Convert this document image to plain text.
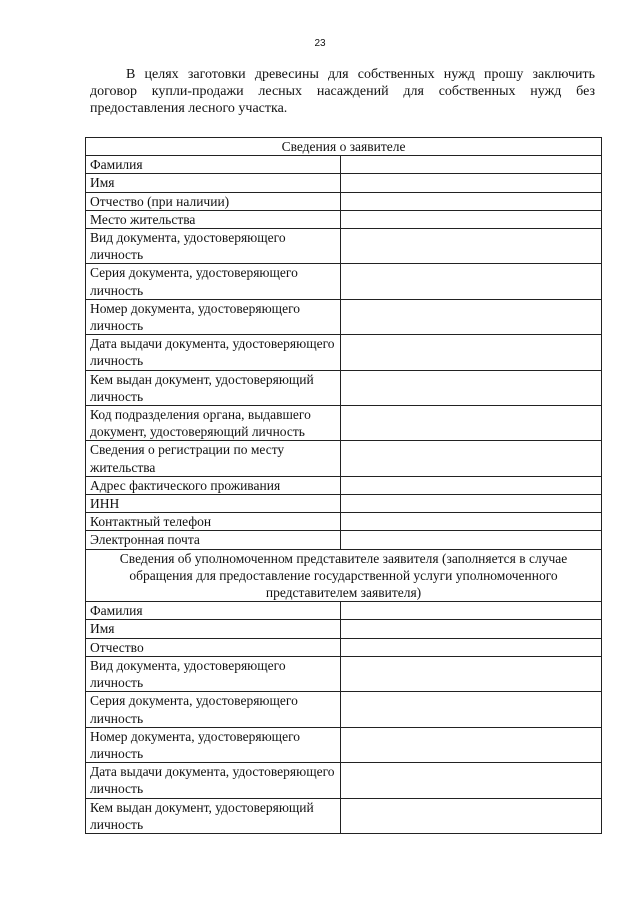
23

В целях заготовки древесины для собственных нужд прошу заключить договор купли-продажи лесных насаждений для собственных нужд без предоставления лесного участка.

Сведения о заявителе	
Фамилия	
Имя	
Отчество (при наличии)	
Место жительства	
Вид документа, удостоверяющего личность	
Серия документа, удостоверяющего личность	
Номер документа, удостоверяющего личность	
Дата выдачи документа, удостоверяющего личность	
Кем выдан документ, удостоверяющий личность	
Код подразделения органа, выдавшего документ, удостоверяющий личность	
Сведения о регистрации по месту жительства	
Адрес фактического проживания	
ИНН	
Контактный телефон	
Электронная почта	
Сведения об уполномоченном представителе заявителя (заполняется в случае обращения для предоставление государственной услуги уполномоченного представителем заявителя)	
Фамилия	
Имя	
Отчество	
Вид документа, удостоверяющего личность	
Серия документа, удостоверяющего личность	
Номер документа, удостоверяющего личность	
Дата выдачи документа, удостоверяющего личность	
Кем выдан документ, удостоверяющий личность	
